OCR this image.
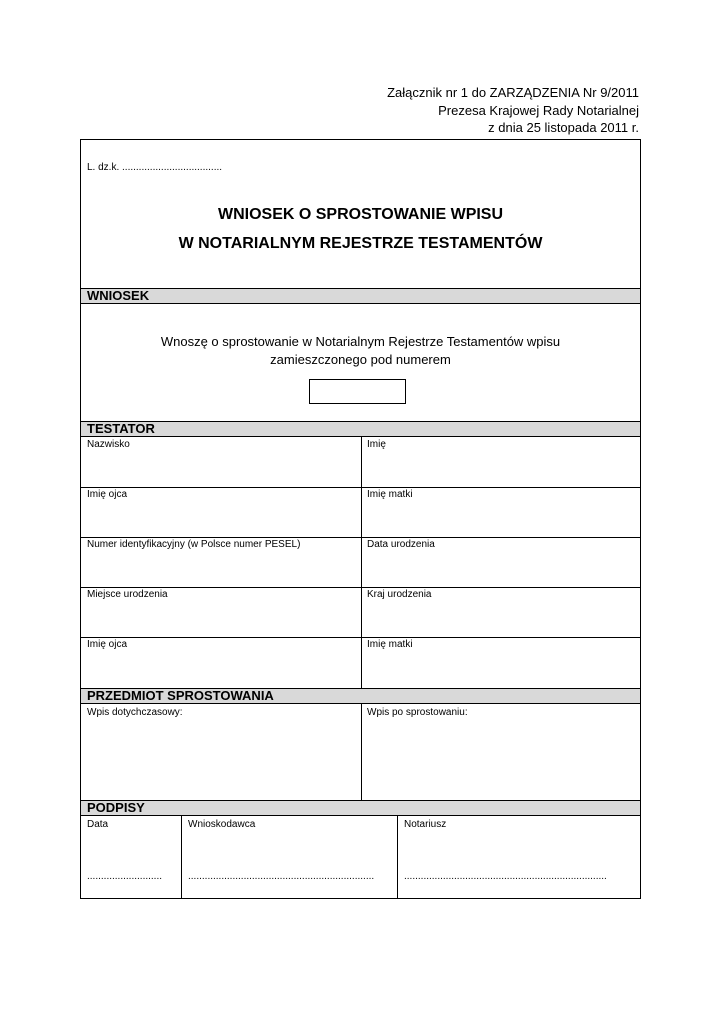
Załącznik nr 1 do ZARZĄDZENIA Nr 9/2011
Prezesa Krajowej Rady Notarialnej
z dnia 25 listopada 2011 r.
L. dz.k. ....................................
WNIOSEK O SPROSTOWANIE WPISU
W NOTARIALNYM REJESTRZE TESTAMENTÓW
WNIOSEK
Wnoszę o sprostowanie w Notarialnym Rejestrze Testamentów wpisu
zamieszczonego pod numerem
TESTATOR
Nazwisko	Imię
Imię ojca	Imię matki
Numer identyfikacyjny (w Polsce numer PESEL)	Data urodzenia
Miejsce urodzenia	Kraj urodzenia
Imię ojca	Imię matki
PRZEDMIOT SPROSTOWANIA
Wpis dotychczasowy:	Wpis po sprostowaniu:
PODPISY
Data	Wnioskodawca	Notariusz
...........................	...................................................................	.........................................................................
